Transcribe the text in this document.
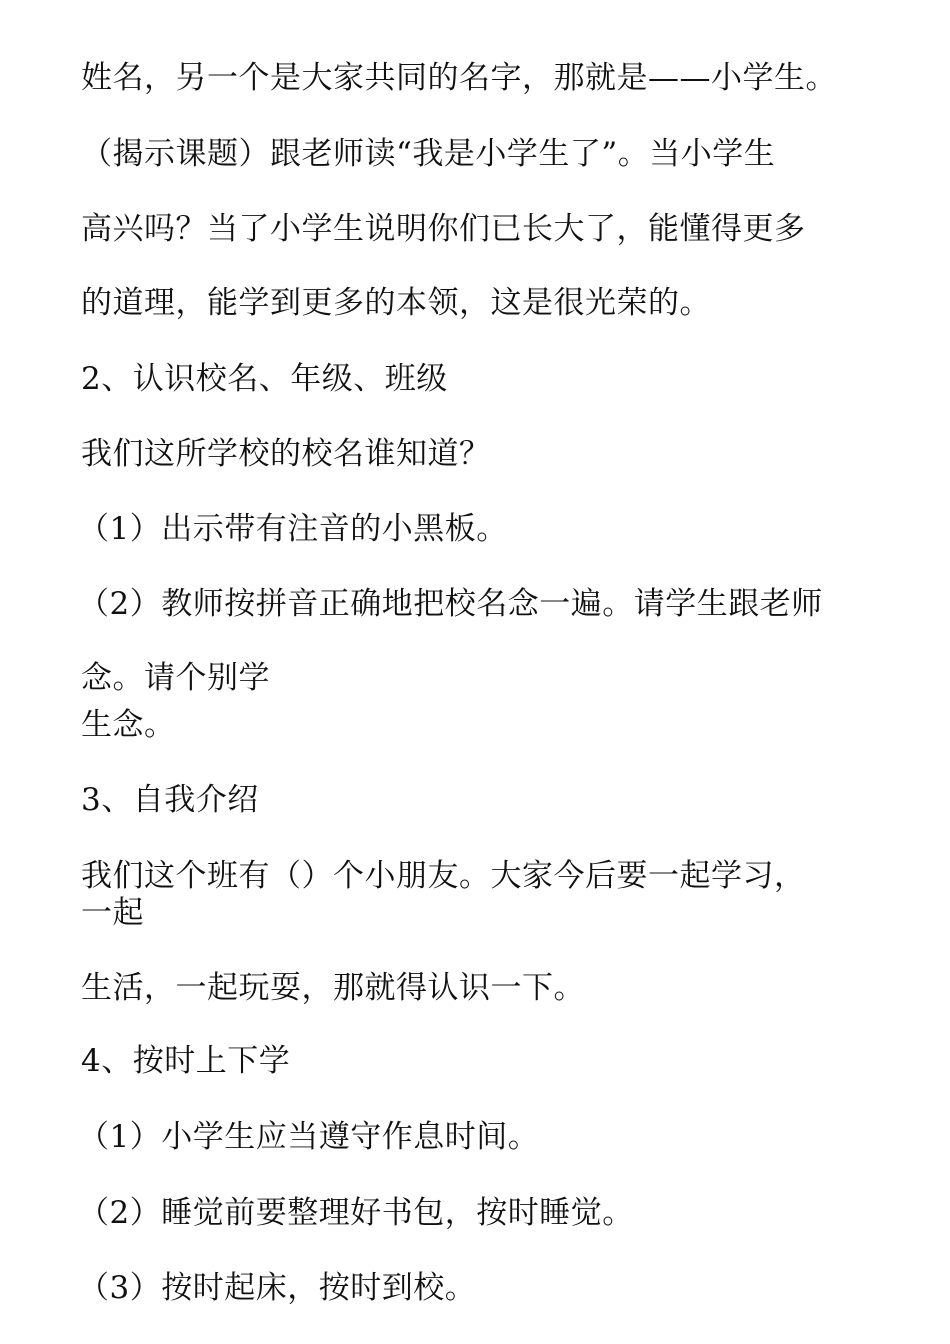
姓名，另一个是大家共同的名字，那就是——小学生。
（揭示课题）跟老师读“我是小学生了”。当小学生
高兴吗？当了小学生说明你们已长大了，能懂得更多
的道理，能学到更多的本领，这是很光荣的。
2、认识校名、年级、班级
我们这所学校的校名谁知道？
（1）出示带有注音的小黑板。
（2）教师按拼音正确地把校名念一遍。请学生跟老师
念。请个别学
生念。
3、自我介绍
我们这个班有（）个小朋友。大家今后要一起学习，
一起
生活，一起玩耍，那就得认识一下。
4、按时上下学
（1）小学生应当遵守作息时间。
（2）睡觉前要整理好书包，按时睡觉。
（3）按时起床，按时到校。
